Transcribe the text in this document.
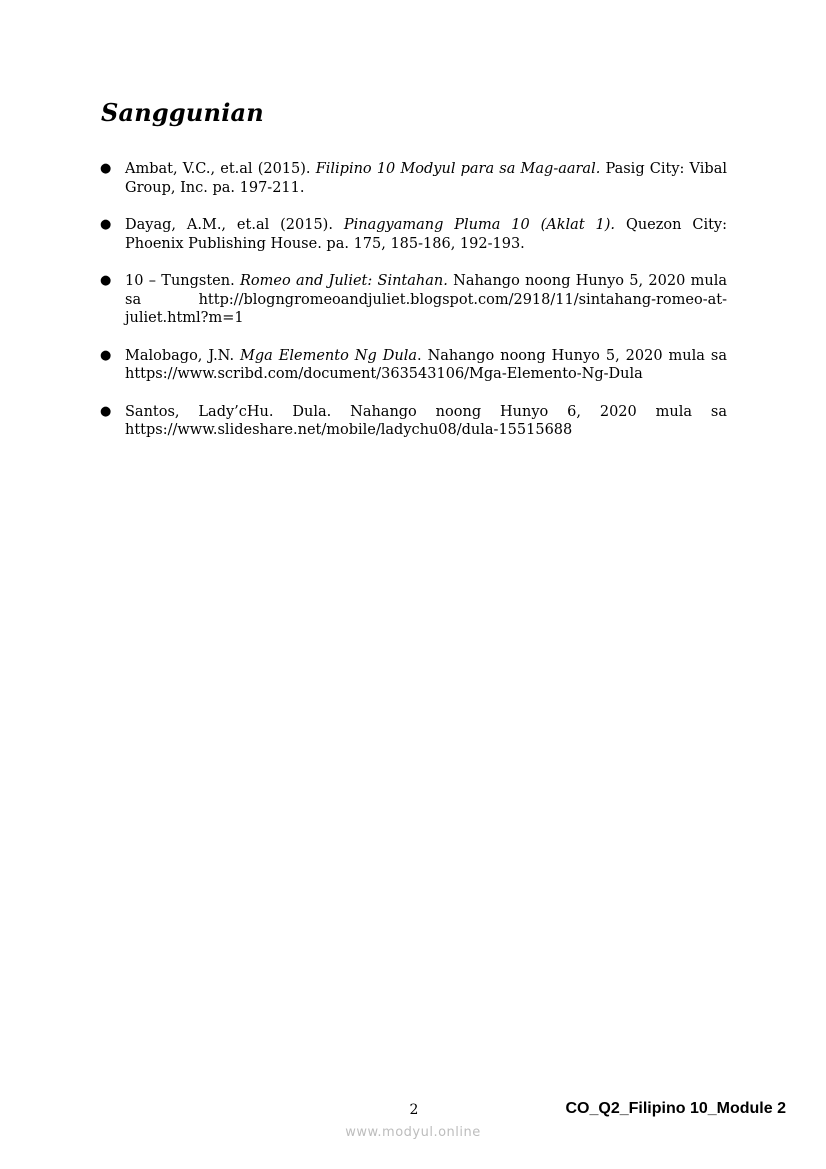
Sanggunian
● Ambat, V.C., et.al (2015). Filipino 10 Modyul para sa Mag-aaral. Pasig City: Vibal Group, Inc. pa. 197-211.
● Dayag, A.M., et.al (2015). Pinagyamang Pluma 10 (Aklat 1). Quezon City: Phoenix Publishing House. pa. 175, 185-186, 192-193.
● 10 – Tungsten. Romeo and Juliet: Sintahan. Nahango noong Hunyo 5, 2020 mula sa http://blogngromeoandjuliet.blogspot.com/2918/11/sintahang-romeo-at-juliet.html?m=1
● Malobago, J.N. Mga Elemento Ng Dula. Nahango noong Hunyo 5, 2020 mula sa https://www.scribd.com/document/363543106/Mga-Elemento-Ng-Dula
● Santos, Lady’cHu. Dula. Nahango noong Hunyo 6, 2020 mula sa https://www.slideshare.net/mobile/ladychu08/dula-15515688
2	CO_Q2_Filipino 10_Module 2
www.modyul.online
